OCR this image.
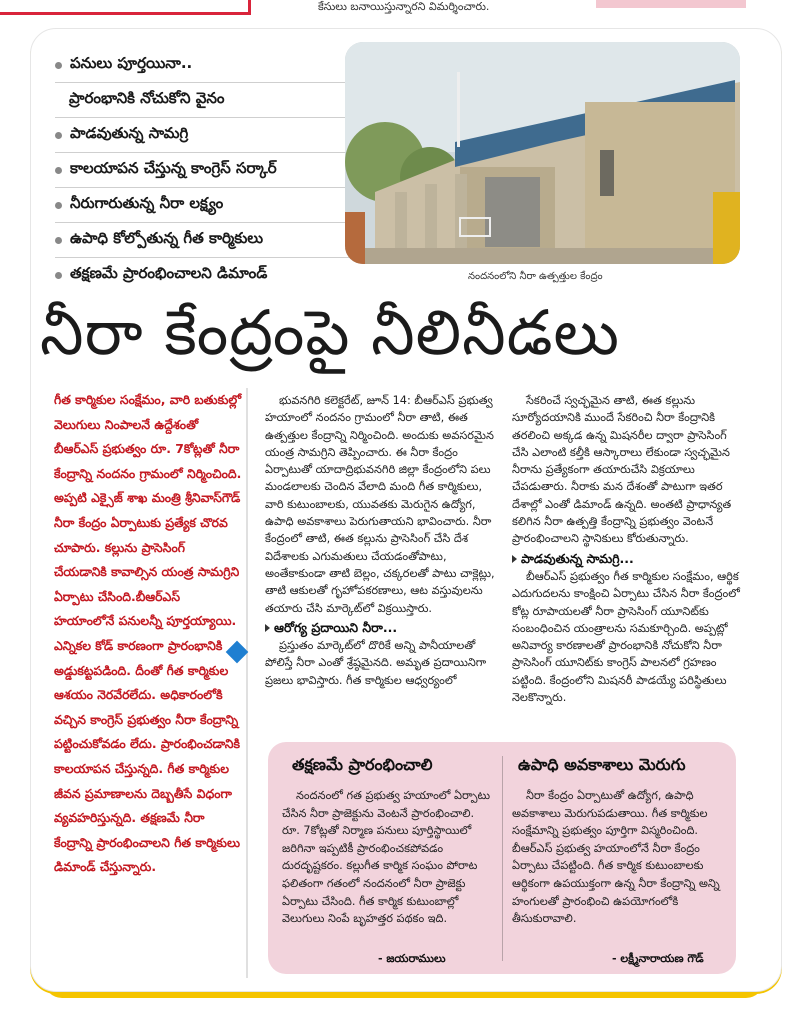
కేసులు బనాయిస్తున్నారని విమర్శించారు.
పనులు పూర్తయినా..
ప్రారంభానికి నోచుకోని వైనం
పాడవుతున్న సామగ్రి
కాలయాపన చేస్తున్న కాంగ్రెస్ సర్కార్
నీరుగారుతున్న నీరా లక్ష్యం
ఉపాధి కోల్పోతున్న గీత కార్మికులు
తక్షణమే ప్రారంభించాలని డిమాండ్	నందనంలోని నీరా ఉత్పత్తుల కేంద్రం
నీరా కేంద్రంపై నీలినీడలు

గీత కార్మికుల సంక్షేమం, వారి బతుకుల్లో వెలుగులు నింపాలనే ఉద్దేశంతో బీఆర్ఎస్ ప్రభుత్వం రూ. 7కోట్లతో నీరా కేంద్రాన్ని నందనం గ్రామంలో నిర్మించింది. అప్పటి ఎక్సైజ్ శాఖ మంత్రి శ్రీనివాస్‌గౌడ్ నీరా కేంద్రం ఏర్పాటుకు ప్రత్యేక చొరవ చూపారు. కల్లును ప్రాసెసింగ్ చేయడానికి కావాల్సిన యంత్ర సామగ్రిని ఏర్పాటు చేసింది.బీఆర్ఎస్ హయాంలోనే పనులన్నీ పూర్తయ్యాయి. ఎన్నికల కోడ్ కారణంగా ప్రారంభానికి అడ్డుకట్టపడింది. దీంతో గీత కార్మికుల ఆశయం నెరవేరలేదు. అధికారంలోకి వచ్చిన కాంగ్రెస్ ప్రభుత్వం నీరా కేంద్రాన్ని పట్టించుకోవడం లేదు. ప్రారంభించడానికి కాలయాపన చేస్తున్నది. గీత కార్మికుల జీవన ప్రమాణాలను దెబ్బతీసే విధంగా వ్యవహరిస్తున్నది. తక్షణమే నీరా కేంద్రాన్ని ప్రారంభించాలని గీత కార్మికులు డిమాండ్ చేస్తున్నారు.

భువనగిరి కలెక్టరేట్, జూన్ 14: బీఆర్ఎస్ ప్రభుత్వ హయాంలో నందనం గ్రామంలో నీరా తాటి, ఈత ఉత్పత్తుల కేంద్రాన్ని నిర్మించింది. అందుకు అవసరమైన యంత్ర సామగ్రిని తెప్పించారు. ఈ నీరా కేంద్రం ఏర్పాటుతో యాదాద్రిభువనగిరి జిల్లా కేంద్రంలోని పలు మండలాలకు చెందిన వేలాది మంది గీత కార్మికులు, వారి కుటుంబాలకు, యువతకు మెరుగైన ఉద్యోగ, ఉపాధి అవకాశాలు పెరుగుతాయని భావించారు. నీరా కేంద్రంలో తాటి, ఈత కల్లును ప్రాసెసింగ్ చేసి దేశ విదేశాలకు ఎగుమతులు చేయడంతోపాటు, అంతేకాకుండా తాటి బెల్లం, చక్కరలతో పాటు చాక్లెట్లు, తాటి ఆకులతో గృహోపకరణాలు, ఆట వస్తువులను తయారు చేసి మార్కెట్‌లో విక్రయిస్తారు.

ఆరోగ్య ప్రదాయిని నీరా...

ప్రస్తుతం మార్కెట్‌లో దొరికే అన్ని పానీయాలతో పోలిస్తే నీరా ఎంతో శ్రేష్ఠమైనది. అమృత ప్రదాయినిగా ప్రజలు భావిస్తారు. గీత కార్మికుల ఆధ్వర్యంలో

సేకరించే స్వచ్ఛమైన తాటి, ఈత కల్లును సూర్యోదయానికి ముందే సేకరించి నీరా కేంద్రానికి తరలించి అక్కడ ఉన్న మిషనరీల ద్వారా ప్రాసెసింగ్ చేసి ఎలాంటి కల్తీకి ఆస్కారాలు లేకుండా స్వచ్ఛమైన నీరాను ప్రత్యేకంగా తయారుచేసి విక్రయాలు చేపడుతారు. నీరాకు మన దేశంతో పాటుగా ఇతర దేశాల్లో ఎంతో డిమాండ్ ఉన్నది. అంతటి ప్రాధాన్యత కలిగిన నీరా ఉత్పత్తి కేంద్రాన్ని ప్రభుత్వం వెంటనే ప్రారంభించాలని స్థానికులు కోరుతున్నారు.

పాడవుతున్న సామగ్రి...

బీఆర్ఎస్ ప్రభుత్వం గీత కార్మికుల సంక్షేమం, ఆర్థిక ఎదుగుదలను కాంక్షించి ఏర్పాటు చేసిన నీరా కేంద్రంలో కోట్ల రూపాయలతో నీరా ప్రాసెసింగ్ యూనిట్‌కు సంబంధించిన యంత్రాలను సమకూర్చింది. అప్పట్లో అనివార్య కారణాలతో ప్రారంభానికి నోచుకోని నీరా ప్రాసెసింగ్ యూనిట్‌కు కాంగ్రెస్ పాలనలో గ్రహణం పట్టింది. కేంద్రంలోని మిషనరీ పాడయ్యే పరిస్థితులు నెలకొన్నారు.

తక్షణమే ప్రారంభించాలి

నందనంలో గత ప్రభుత్వ హయాంలో ఏర్పాటు చేసిన నీరా ప్రాజెక్టును వెంటనే ప్రారంభించాలి. రూ. 7కోట్లతో నిర్మాణ పనులు పూర్తిస్థాయిలో జరిగినా ఇప్పటికీ ప్రారంభించకపోవడం దురదృష్టకరం. కల్లుగీత కార్మిక సంఘం పోరాట ఫలితంగా గతంలో నందనంలో నీరా ప్రాజెక్టు ఏర్పాటు చేసింది. గీత కార్మిక కుటుంబాల్లో వెలుగులు నింపే బృహత్తర పథకం ఇది.

- జయరాములు
ఉపాధి అవకాశాలు మెరుగు

నీరా కేంద్రం ఏర్పాటుతో ఉద్యోగ, ఉపాధి అవకాశాలు మెరుగుపడుతాయి. గీత కార్మికుల సంక్షేమాన్ని ప్రభుత్వం పూర్తిగా విస్మరించింది. బీఆర్ఎస్ ప్రభుత్వ హయాంలోనే నీరా కేంద్రం ఏర్పాటు చేపట్టింది. గీత కార్మిక కుటుంబాలకు ఆర్థికంగా ఉపయుక్తంగా ఉన్న నీరా కేంద్రాన్ని అన్ని హంగులతో ప్రారంభించి ఉపయోగంలోకి తీసుకురావాలి.

- లక్ష్మీనారాయణ గౌడ్
